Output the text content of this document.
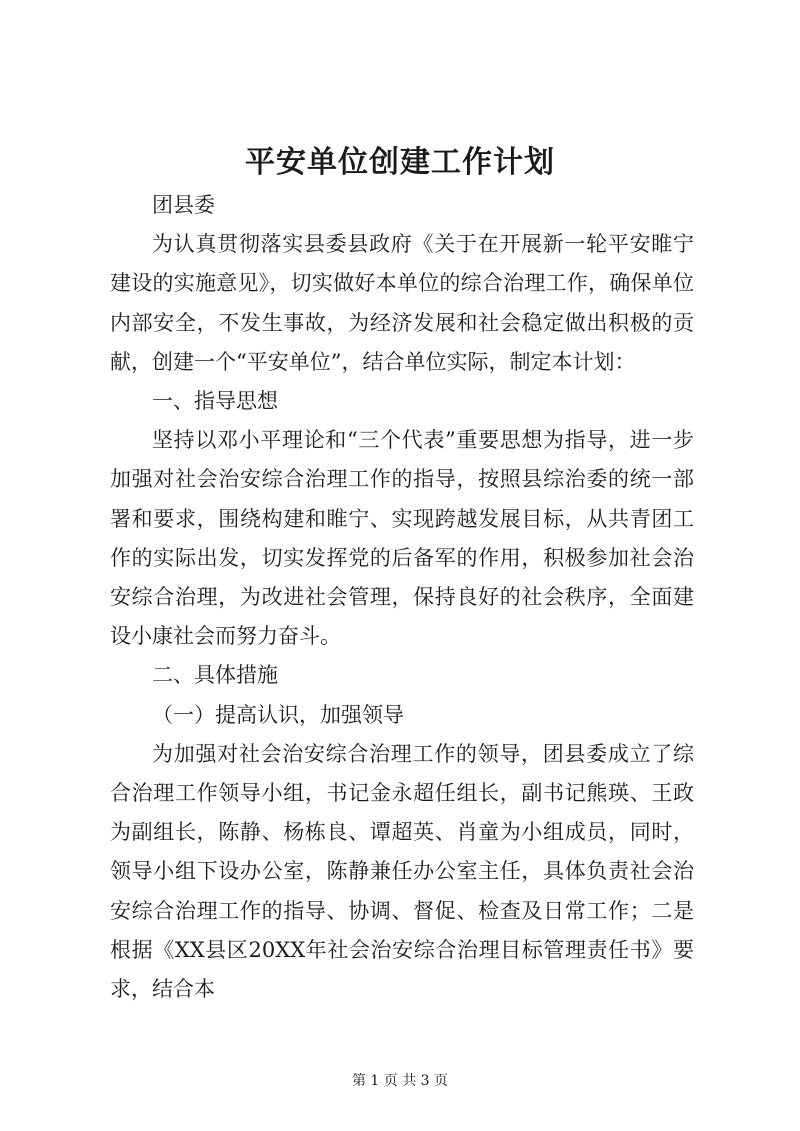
平安单位创建工作计划

团县委

为认真贯彻落实县委县政府《关于在开展新一轮平安睢宁建设的实施意见》，切实做好本单位的综合治理工作，确保单位内部安全，不发生事故，为经济发展和社会稳定做出积极的贡献，创建一个“平安单位”，结合单位实际，制定本计划：

一、指导思想

坚持以邓小平理论和“三个代表”重要思想为指导，进一步加强对社会治安综合治理工作的指导，按照县综治委的统一部署和要求，围绕构建和睢宁、实现跨越发展目标，从共青团工作的实际出发，切实发挥党的后备军的作用，积极参加社会治安综合治理，为改进社会管理，保持良好的社会秩序，全面建设小康社会而努力奋斗。

二、具体措施

（一）提高认识，加强领导

为加强对社会治安综合治理工作的领导，团县委成立了综合治理工作领导小组，书记金永超任组长，副书记熊瑛、王政为副组长，陈静、杨栋良、谭超英、肖童为小组成员，同时，领导小组下设办公室，陈静兼任办公室主任，具体负责社会治安综合治理工作的指导、协调、督促、检查及日常工作；二是根据《XX县区20XX年社会治安综合治理目标管理责任书》要求，结合本

第 1 页 共 3 页
